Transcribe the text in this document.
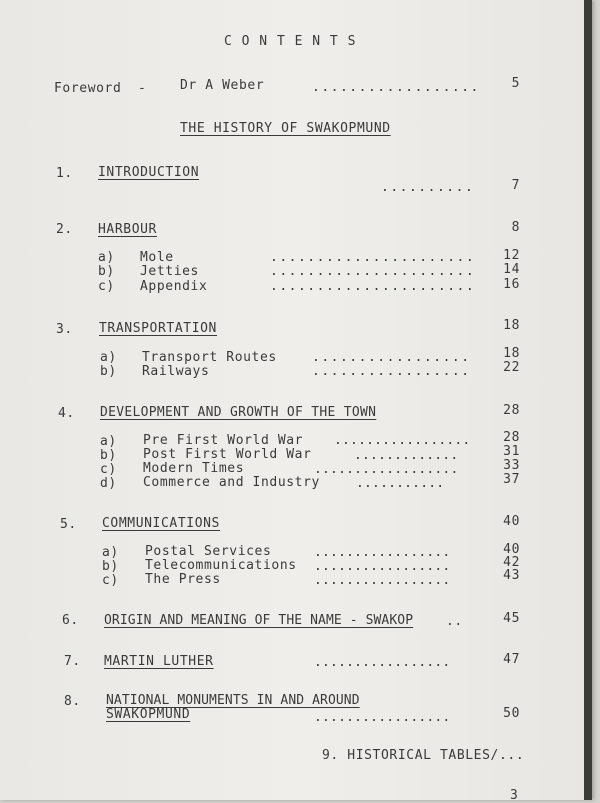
C O N T E N T S
Foreword -	Dr A Weber	..................	5
THE HISTORY OF SWAKOPMUND
1. INTRODUCTION
..........	7
2. HARBOUR	8
a) Mole	......................	12
b) Jetties	......................	14
c) Appendix	......................	16
3. TRANSPORTATION	18
a) Transport Routes	.................	18
b) Railways	.................	22
4. DEVELOPMENT AND GROWTH OF THE TOWN	28
a) Pre First World War .................	28
b) Post First World War	.............	31
c) Modern Times	..................	33
d) Commerce and Industry	...........	37
5. COMMUNICATIONS	40
a) Postal Services	.................	40
b) Telecommunications .................	42
c) The Press	.................	43
6. ORIGIN AND MEANING OF THE NAME - SWAKOP	..	45
7. MARTIN LUTHER	.................	47
8. NATIONAL MONUMENTS IN AND AROUND
SWAKOPMUND	.................	50
9. HISTORICAL TABLES/...
3
